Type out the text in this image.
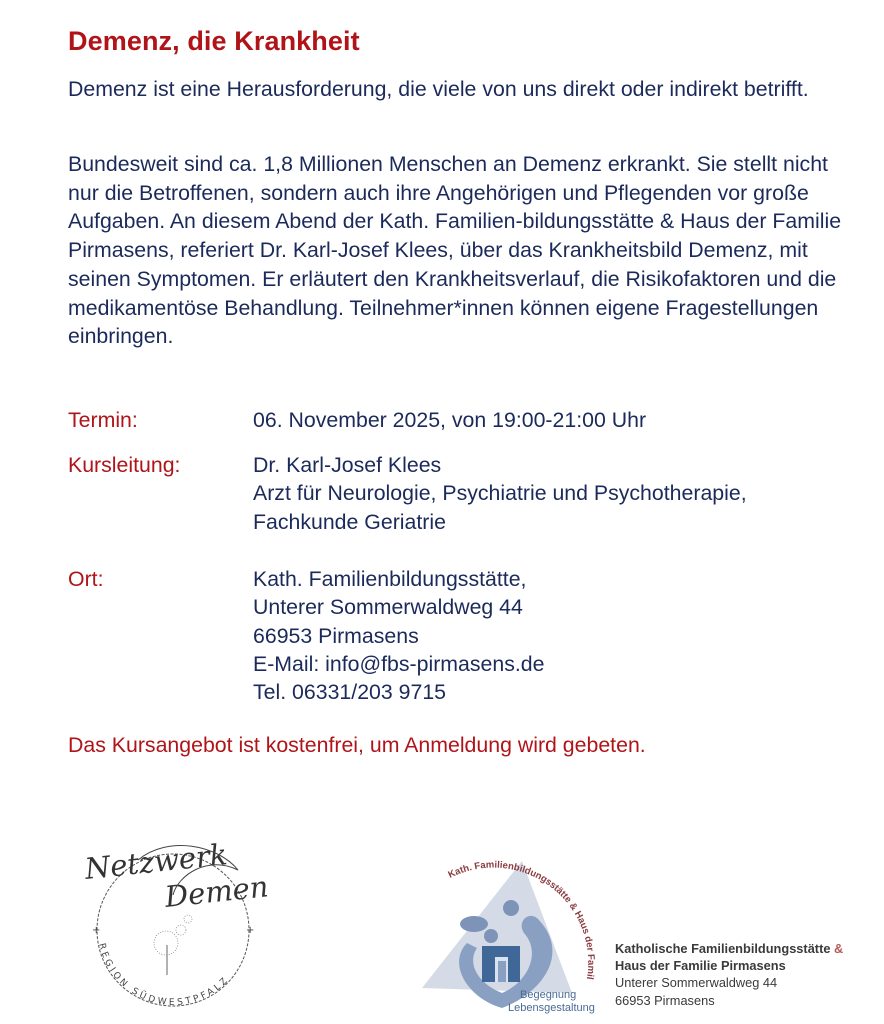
Demenz, die Krankheit

Demenz ist eine Herausforderung, die viele von uns direkt oder indirekt betrifft.

Bundesweit sind ca. 1,8 Millionen Menschen an Demenz erkrankt. Sie stellt nicht nur die Betroffenen, sondern auch ihre Angehörigen und Pflegenden vor große Aufgaben. An diesem Abend der Kath. Familien-bildungsstätte & Haus der Familie Pirmasens, referiert Dr. Karl-Josef Klees, über das Krankheitsbild Demenz, mit seinen Symptomen. Er erläutert den Krankheitsverlauf, die Risikofaktoren und die medikamentöse Behandlung. Teilnehmer*innen können eigene Fragestellungen einbringen.

Termin:	06. November 2025, von 19:00-21:00 Uhr
Kursleitung:	Dr. Karl-Josef Klees
Arzt für Neurologie, Psychiatrie und Psychotherapie,
Fachkunde Geriatrie
Ort:	Kath. Familienbildungsstätte,
Unterer Sommerwaldweg 44
66953 Pirmasens
E-Mail: info@fbs-pirmasens.de
Tel. 06331/203 9715
Das Kursangebot ist kostenfrei, um Anmeldung wird gebeten.
+	+
REGION SÜDWESTPFALZ
Netzwerk
Demenz	Kath. Familienbildungsstätte & Haus der Famil
Begegnung
Lebensgestaltung
Katholische Familienbildungsstätte &
Haus der Familie Pirmasens
Unterer Sommerwaldweg 44
66953 Pirmasens
